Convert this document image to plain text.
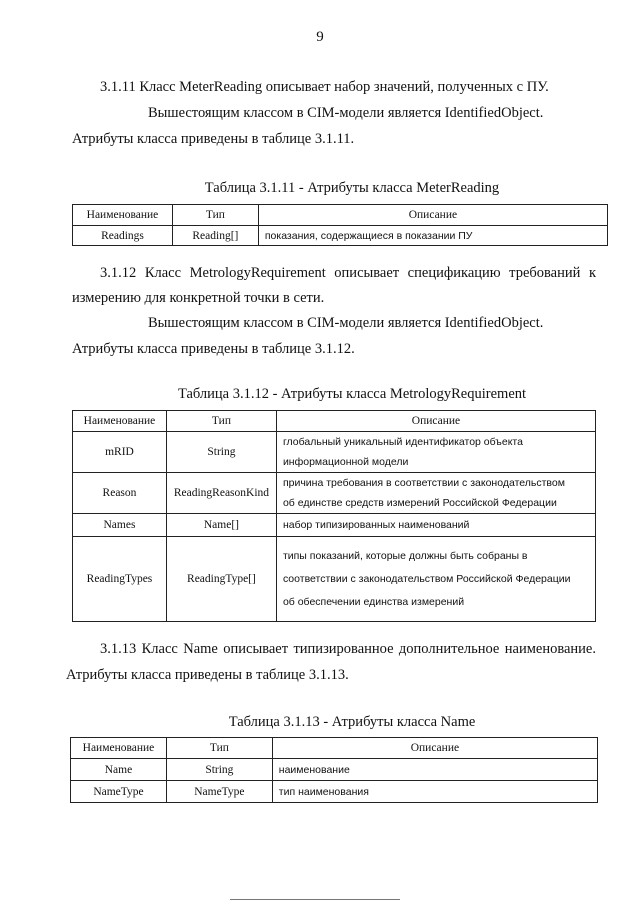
9
3.1.11 Класс MeterReading описывает набор значений, полученных с ПУ.
Вышестоящим классом в CIM-модели является IdentifiedObject.
Атрибуты класса приведены в таблице 3.1.11.
Таблица 3.1.11 - Атрибуты класса MeterReading
Наименование	Тип	Описание
Readings	Reading[]	показания, содержащиеся в показании ПУ
3.1.12 Класс MetrologyRequirement описывает спецификацию требований к
измерению для конкретной точки в сети.
Вышестоящим классом в CIM-модели является IdentifiedObject.
Атрибуты класса приведены в таблице 3.1.12.
Таблица 3.1.12 - Атрибуты класса MetrologyRequirement
Наименование	Тип	Описание
mRID	String	глобальный уникальный идентификатор объекта
информационной модели

Reason	ReadingReasonKind	причина требования в соответствии с законодательством
об единстве средств измерений Российской Федерации

Names	Name[]	набор типизированных наименований

ReadingTypes	ReadingType[]	типы показаний, которые должны быть собраны в
соответствии с законодательством Российской Федерации
об обеспечении единства измерений
3.1.13 Класс Name описывает типизированное дополнительное наименование.
Атрибуты класса приведены в таблице 3.1.13.
Таблица 3.1.13 - Атрибуты класса Name
Наименование	Тип	Описание
Name	String	наименование
NameType	NameType	тип наименования
